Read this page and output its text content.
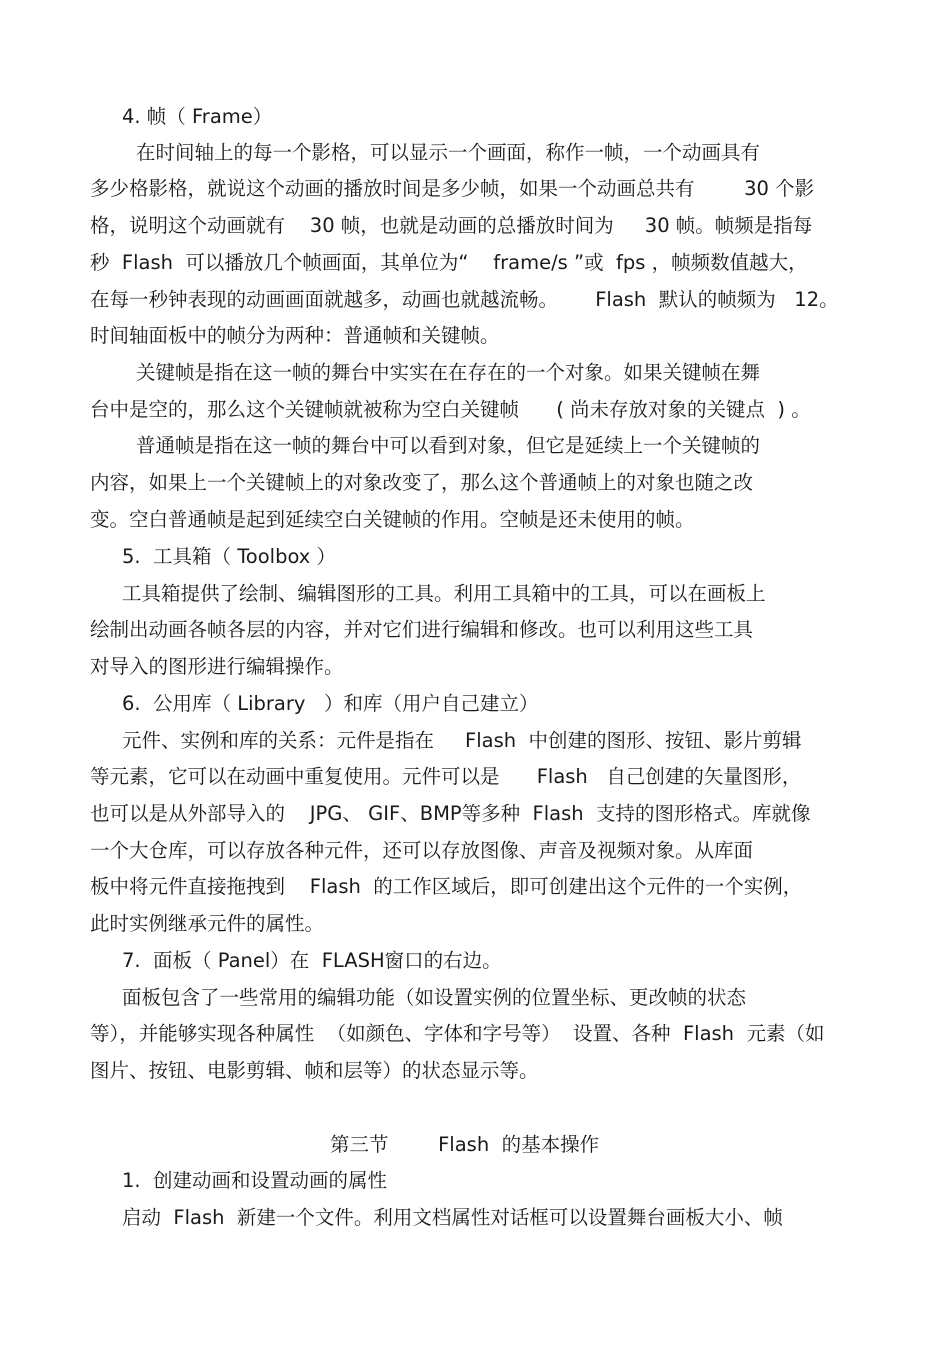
4. 帧（ Frame）
在时间轴上的每一个影格，可以显示一个画面，称作一帧，一个动画具有
多少格影格，就说这个动画的播放时间是多少帧，如果一个动画总共有        30 个影
格，说明这个动画就有    30 帧，也就是动画的总播放时间为     30 帧。帧频是指每
秒  Flash  可以播放几个帧画面，其单位为“    frame/s ”或  fps ，帧频数值越大，
在每一秒钟表现的动画画面就越多，动画也就越流畅。      Flash  默认的帧频为   12。
时间轴面板中的帧分为两种：普通帧和关键帧。
关键帧是指在这一帧的舞台中实实在在存在的一个对象。如果关键帧在舞
台中是空的，那么这个关键帧就被称为空白关键帧      ( 尚未存放对象的关键点  ) 。
普通帧是指在这一帧的舞台中可以看到对象，但它是延续上一个关键帧的
内容，如果上一个关键帧上的对象改变了，那么这个普通帧上的对象也随之改
变。空白普通帧是起到延续空白关键帧的作用。空帧是还未使用的帧。
5.  工具箱（ Toolbox ）
工具箱提供了绘制、编辑图形的工具。利用工具箱中的工具，可以在画板上
绘制出动画各帧各层的内容，并对它们进行编辑和修改。也可以利用这些工具
对导入的图形进行编辑操作。
6.  公用库（ Library   ）和库（用户自己建立）
元件、实例和库的关系：元件是指在     Flash  中创建的图形、按钮、影片剪辑
等元素，它可以在动画中重复使用。元件可以是      Flash   自己创建的矢量图形，
也可以是从外部导入的    JPG、 GIF、BMP等多种  Flash  支持的图形格式。库就像
一个大仓库，可以存放各种元件，还可以存放图像、声音及视频对象。从库面
板中将元件直接拖拽到    Flash  的工作区域后，即可创建出这个元件的一个实例，
此时实例继承元件的属性。
7.  面板（ Panel）在  FLASH窗口的右边。
面板包含了一些常用的编辑功能（如设置实例的位置坐标、更改帧的状态
等），并能够实现各种属性  （如颜色、字体和字号等）  设置、各种  Flash  元素（如
图片、按钮、电影剪辑、帧和层等）的状态显示等。
第三节        Flash  的基本操作
1.  创建动画和设置动画的属性
启动  Flash  新建一个文件。利用文档属性对话框可以设置舞台画板大小、帧
